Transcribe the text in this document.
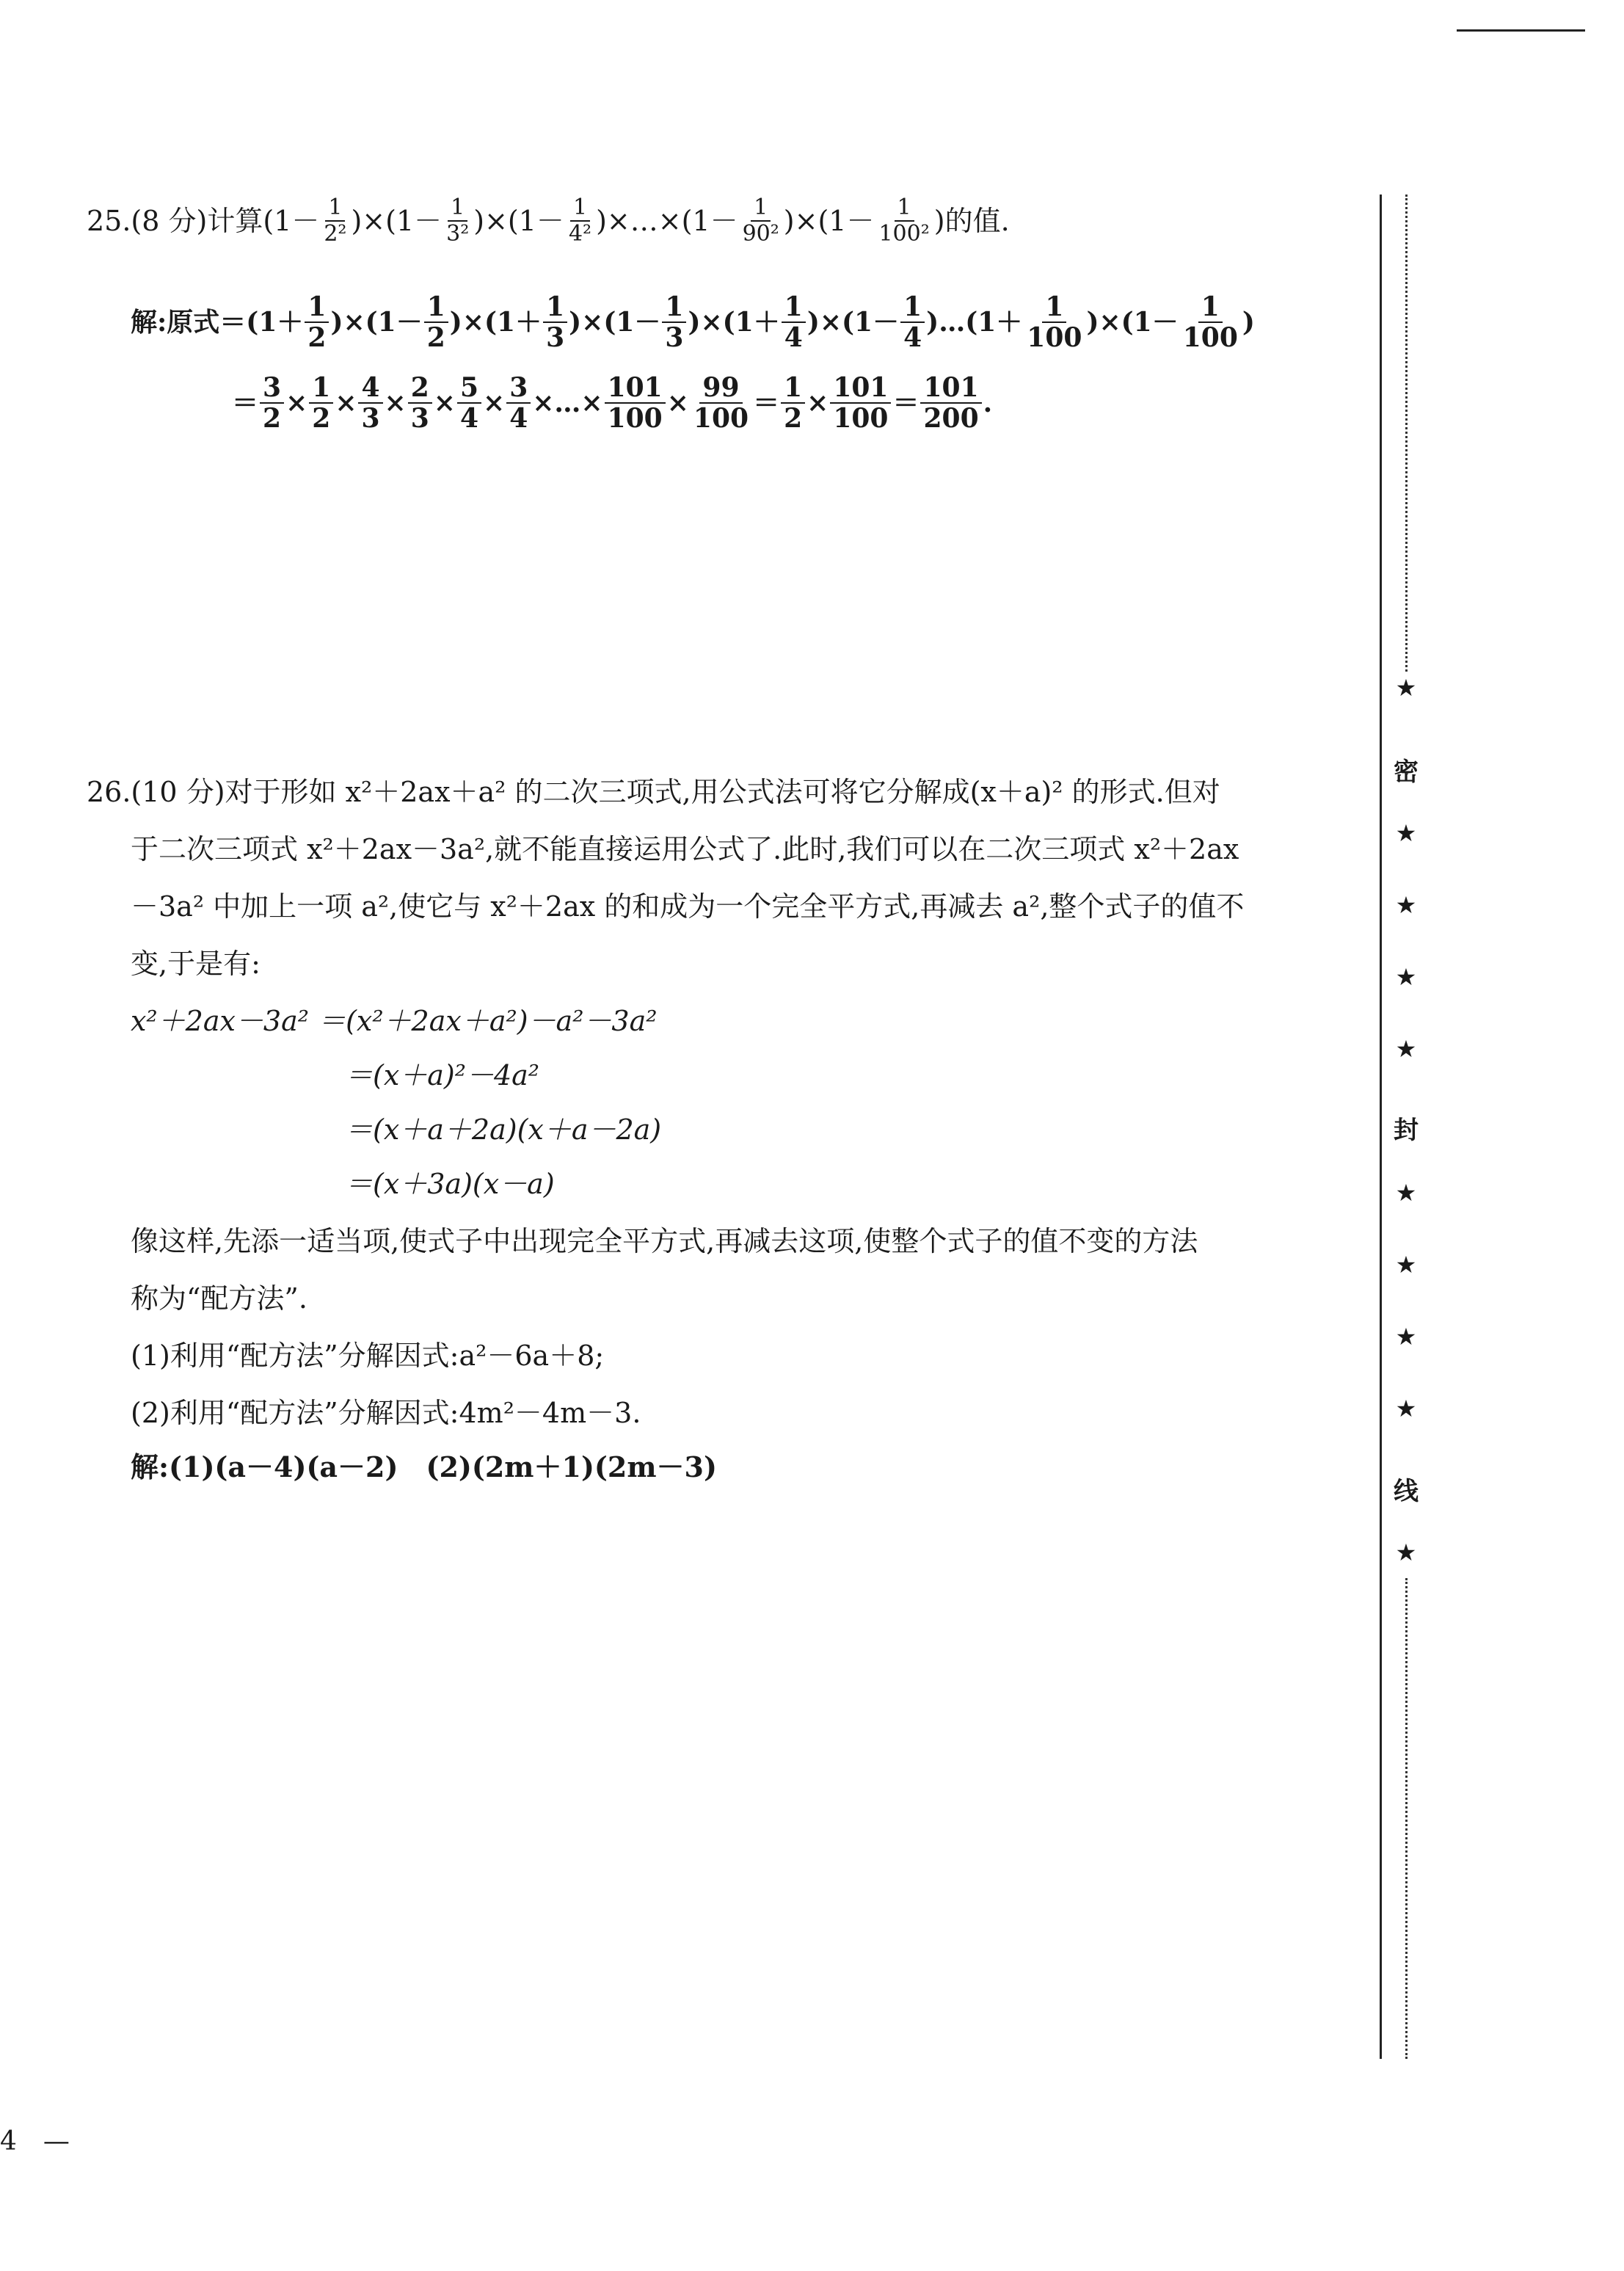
25.(8 分)计算$(1- \frac{1}{\text{2²}} )\times(1- \frac{1}{\text{3²}} )\times(1- \frac{1}{\text{4²}}$ )×…×(1－ $\frac{1}{\text{90²}} )\times(1- \frac{1}{\text{100²}}$ )的值.
解:原式＝ $(1+ \frac{1}{2} )\times(1- \frac{1}{2} )\times(1+ \frac{1}{3} )\times(1- \frac{1}{3} )\times(1+ \frac{1}{4} )\times(1- \frac{1}{4}$ )…(1＋ $\frac{1}{100} )\times(1- \frac{1}{100}$ )
＝ $\frac{3}{2} \times \frac{1}{2} \times \frac{4}{3} \times \frac{2}{3} \times \frac{5}{4} \times \frac{3}{4}$ ×…× $\frac{101}{100} \times \frac{99}{100} = \frac{1}{2} \times \frac{101}{100} = \frac{101}{200}$ .
26.(10 分)对于形如 x²＋2ax＋a² 的二次三项式,用公式法可将它分解成(x＋a)² 的形式.但对
于二次三项式 x²＋2ax－3a²,就不能直接运用公式了.此时,我们可以在二次三项式 x²＋2ax
－3a² 中加上一项 a²,使它与 x²＋2ax 的和成为一个完全平方式,再减去 a²,整个式子的值不
变,于是有:
x²＋2ax－3a² ＝(x²＋2ax＋a²)－a²－3a²
＝(x＋a)²－4a²
＝(x＋a＋2a)(x＋a－2a)
＝(x＋3a)(x－a)
像这样,先添一适当项,使式子中出现完全平方式,再减去这项,使整个式子的值不变的方法
称为“配方法”.
(1)利用“配方法”分解因式:a²－6a＋8;
(2)利用“配方法”分解因式:4m²－4m－3.
解:(1)(a－4)(a－2)　(2)(2m＋1)(2m－3)
★
密
★
★
★
★
封
★
★
★
★
线
★
4　—
